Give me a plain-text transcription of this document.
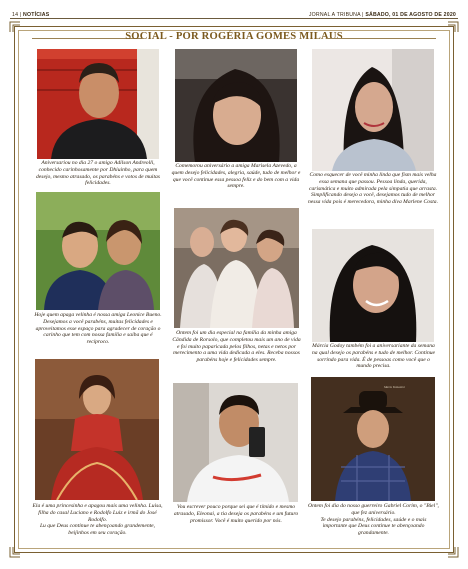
14 | NOTÍCIAS	JORNAL A TRIBUNA | SÁBADO, 01 DE AGOSTO DE 2020
SOCIAL - POR ROGÉRIA GOMES MILAUS
Aniversariou no dia 27 o amigo Adilson Andreolli, conhecido carinhosamente por Dhiuinho, para quem desejo, mesmo atrasado, os parabéns e votos de muitas felicidades.
Comemorou aniversário a amiga Marisela Azevedo, a quem desejo felicidades, alegria, saúde, tudo de melhor e que você continue essa pessoa feliz e do bem com a vida sempre.
Como esquecer de você minha linda que fism mais velha essa semana que passou. Pessoa linda, querida, carismática e muito admirada pela simpatia que arrasta. Simplificando desejo a você, desejamos tudo de melhor nessa vida pois é merecedora, minha diva Marlene Costa.
Hoje quem apaga velinha é nossa amiga Leonice Bueno. Desejamos a você parabéns, muitas felicidades e aproveitamos esse espaço para agradecer de coração o carinho que tem com nossa família e saiba que é recíproco.
Ontem foi um dia especial na família da minha amiga Cândida de Rorsolo, que completou mais um ano de vida e foi muito paparicada pelos filhos, netas e netos por merecimento a uma vida dedicada a eles. Receba nossos parabéns hoje e felicidades sempre.
Márcia Godoy também foi a aniversariante da semana na qual desejo os parabéns e tudo de melhor. Continue sorrindo para vida. É de pessoas como você que o mundo precisa.
Maria Tamanini
Ela é uma princesinha e apagou mais uma velinha. Luisa, filha do casal Luciano e Rodolfo Luiz e irmã do José Rodolfo.
Lu que Deus continue te abençoando grandemente, beijinhos em seu coração.
Vou escrever pouco porque sei que é tímido e mesmo atrasado, Eleonai, a tia deseja os parabéns e um futuro promissor. Você é muito querido por nós.
Ontem foi dia do nosso guerreiro Gabriel Corim, o "Biel", que fez aniversário.
Te desejo parabéns, felicidades, saúde e o mais importante que Deus continue te abençoando grandamente.
